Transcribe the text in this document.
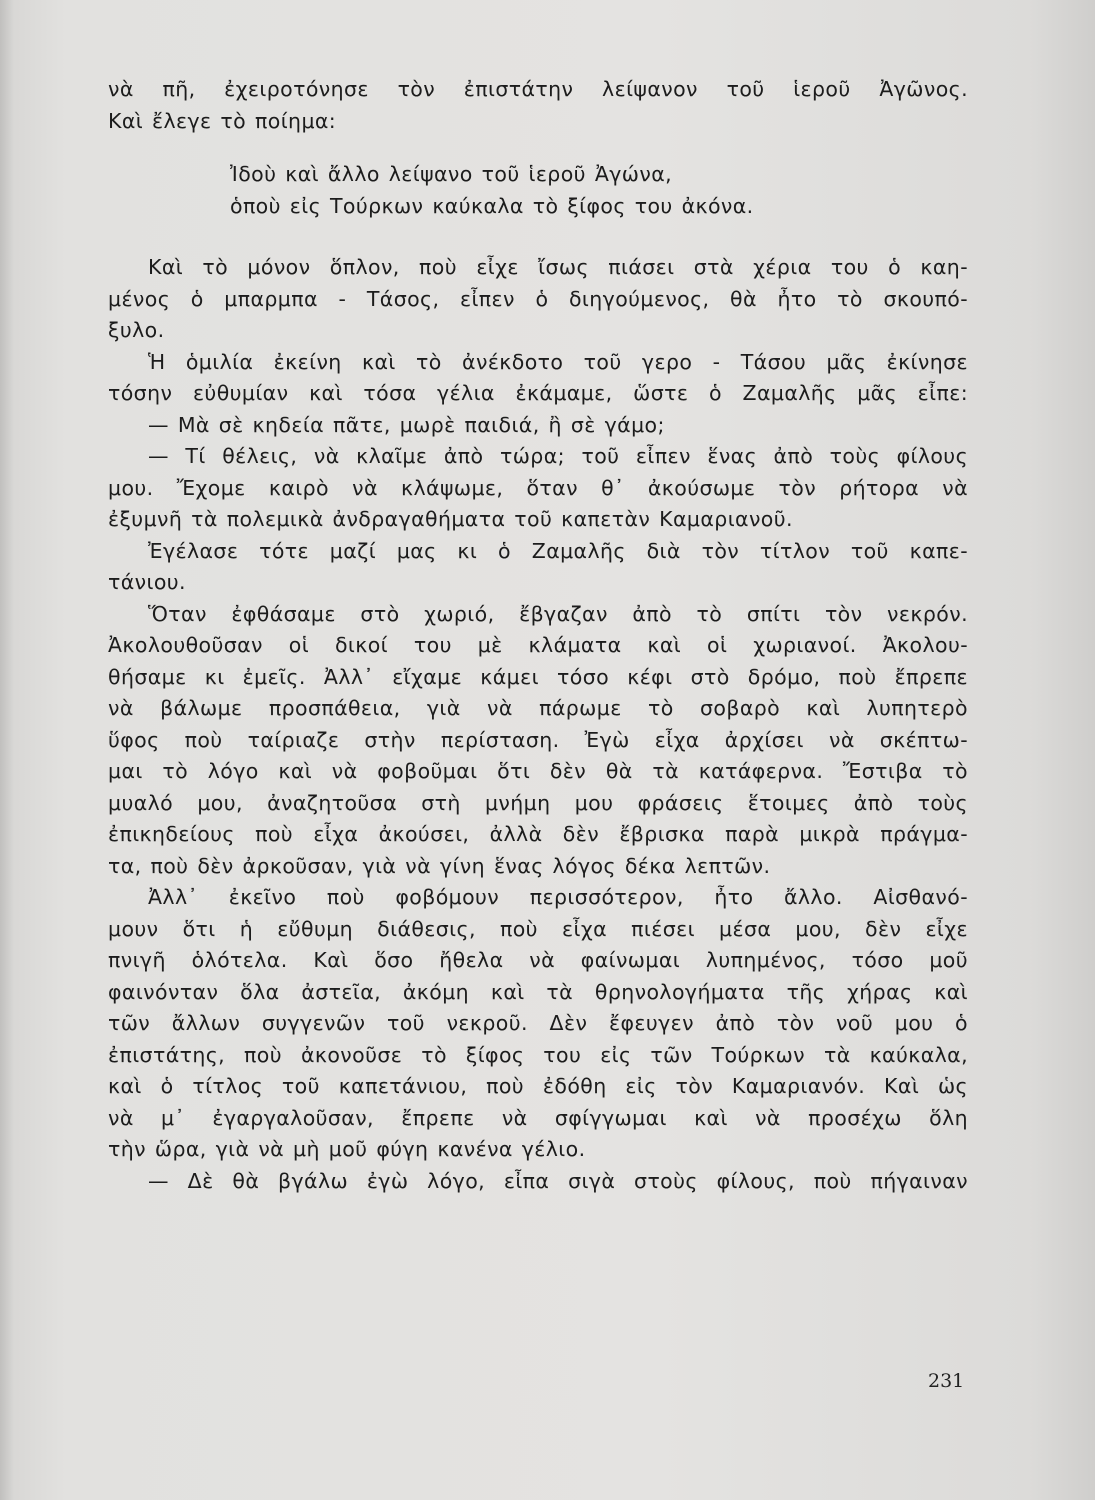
νὰ πῆ, ἐχειροτόνησε τὸν ἐπιστάτην λείψανον τοῦ ἱεροῦ Ἀγῶνος.
Καὶ ἔλεγε τὸ ποίημα:
Ἰδοὺ καὶ ἄλλο λείψανο τοῦ ἱεροῦ Ἀγώνα,
ὁποὺ εἰς Τούρκων καύκαλα τὸ ξίφος του ἀκόνα.
Καὶ τὸ μόνον ὅπλον, ποὺ εἶχε ἴσως πιάσει στὰ χέρια του ὁ καη-
μένος ὁ μπαρμπα - Τάσος, εἶπεν ὁ διηγούμενος, θὰ ἦτο τὸ σκουπό-
ξυλο.
Ἡ ὁμιλία ἐκείνη καὶ τὸ ἀνέκδοτο τοῦ γερο - Τάσου μᾶς ἐκίνησε
τόσην εὐθυμίαν καὶ τόσα γέλια ἐκάμαμε, ὥστε ὁ Ζαμαλῆς μᾶς εἶπε:
— Μὰ σὲ κηδεία πᾶτε, μωρὲ παιδιά, ἢ σὲ γάμο;
— Τί θέλεις, νὰ κλαῖμε ἀπὸ τώρα; τοῦ εἶπεν ἕνας ἀπὸ τοὺς φίλους
μου. Ἔχομε καιρὸ νὰ κλάψωμε, ὅταν θ᾽ ἀκούσωμε τὸν ρήτορα νὰ
ἐξυμνῆ τὰ πολεμικὰ ἀνδραγαθήματα τοῦ καπετὰν Καμαριανοῦ.
Ἐγέλασε τότε μαζί μας κι ὁ Ζαμαλῆς διὰ τὸν τίτλον τοῦ καπε-
τάνιου.
Ὅταν ἐφθάσαμε στὸ χωριό, ἔβγαζαν ἀπὸ τὸ σπίτι τὸν νεκρόν.
Ἀκολουθοῦσαν οἱ δικοί του μὲ κλάματα καὶ οἱ χωριανοί. Ἀκολου-
θήσαμε κι ἐμεῖς. Ἀλλ᾽ εἴχαμε κάμει τόσο κέφι στὸ δρόμο, ποὺ ἔπρεπε
νὰ βάλωμε προσπάθεια, γιὰ νὰ πάρωμε τὸ σοβαρὸ καὶ λυπητερὸ
ὕφος ποὺ ταίριαζε στὴν περίσταση. Ἐγὼ εἶχα ἀρχίσει νὰ σκέπτω-
μαι τὸ λόγο καὶ νὰ φοβοῦμαι ὅτι δὲν θὰ τὰ κατάφερνα. Ἔστιβα τὸ
μυαλό μου, ἀναζητοῦσα στὴ μνήμη μου φράσεις ἕτοιμες ἀπὸ τοὺς
ἐπικηδείους ποὺ εἶχα ἀκούσει, ἀλλὰ δὲν ἔβρισκα παρὰ μικρὰ πράγμα-
τα, ποὺ δὲν ἀρκοῦσαν, γιὰ νὰ γίνη ἕνας λόγος δέκα λεπτῶν.
Ἀλλ᾽ ἐκεῖνο ποὺ φοβόμουν περισσότερον, ἦτο ἄλλο. Αἰσθανό-
μουν ὅτι ἡ εὔθυμη διάθεσις, ποὺ εἶχα πιέσει μέσα μου, δὲν εἶχε
πνιγῆ ὁλότελα. Καὶ ὅσο ἤθελα νὰ φαίνωμαι λυπημένος, τόσο μοῦ
φαινόνταν ὅλα ἀστεῖα, ἀκόμη καὶ τὰ θρηνολογήματα τῆς χήρας καὶ
τῶν ἄλλων συγγενῶν τοῦ νεκροῦ. Δὲν ἔφευγεν ἀπὸ τὸν νοῦ μου ὁ
ἐπιστάτης, ποὺ ἀκονοῦσε τὸ ξίφος του εἰς τῶν Τούρκων τὰ καύκαλα,
καὶ ὁ τίτλος τοῦ καπετάνιου, ποὺ ἐδόθη εἰς τὸν Καμαριανόν. Καὶ ὡς
νὰ μ᾽ ἐγαργαλοῦσαν, ἔπρεπε νὰ σφίγγωμαι καὶ νὰ προσέχω ὅλη
τὴν ὥρα, γιὰ νὰ μὴ μοῦ φύγη κανένα γέλιο.
— Δὲ θὰ βγάλω ἐγὼ λόγο, εἶπα σιγὰ στοὺς φίλους, ποὺ πήγαιναν
231
